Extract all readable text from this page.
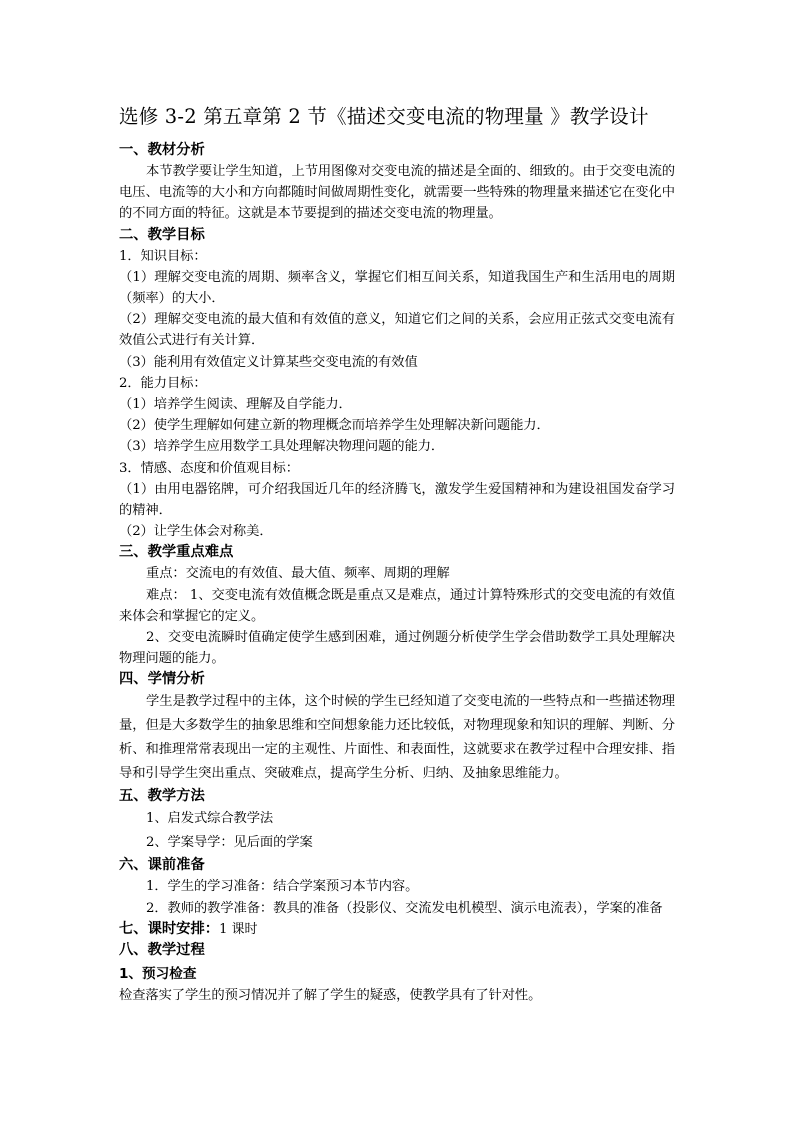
选修 3-2 第五章第 2 节《描述交变电流的物理量 》教学设计
一、教材分析

本节教学要让学生知道，上节用图像对交变电流的描述是全面的、细致的。由于交变电流的电压、电流等的大小和方向都随时间做周期性变化，就需要一些特殊的物理量来描述它在变化中的不同方面的特征。这就是本节要提到的描述交变电流的物理量。

二、教学目标

1．知识目标：

（1）理解交变电流的周期、频率含义，掌握它们相互间关系，知道我国生产和生活用电的周期（频率）的大小．

（2）理解交变电流的最大值和有效值的意义，知道它们之间的关系，会应用正弦式交变电流有效值公式进行有关计算．

（3）能利用有效值定义计算某些交变电流的有效值

2．能力目标：

（1）培养学生阅读、理解及自学能力．

（2）使学生理解如何建立新的物理概念而培养学生处理解决新问题能力．

（3）培养学生应用数学工具处理解决物理问题的能力．

3．情感、态度和价值观目标：

（1）由用电器铭牌，可介绍我国近几年的经济腾飞，激发学生爱国精神和为建设祖国发奋学习的精神．

（2）让学生体会对称美．

三、教学重点难点

重点：交流电的有效值、最大值、频率、周期的理解

难点： 1、交变电流有效值概念既是重点又是难点，通过计算特殊形式的交变电流的有效值来体会和掌握它的定义。

2、交变电流瞬时值确定使学生感到困难，通过例题分析使学生学会借助数学工具处理解决物理问题的能力。

四、学情分析

学生是教学过程中的主体，这个时候的学生已经知道了交变电流的一些特点和一些描述物理量，但是大多数学生的抽象思维和空间想象能力还比较低，对物理现象和知识的理解、判断、分析、和推理常常表现出一定的主观性、片面性、和表面性，这就要求在教学过程中合理安排、指导和引导学生突出重点、突破难点，提高学生分析、归纳、及抽象思维能力。

五、教学方法

1、启发式综合教学法

2、学案导学：见后面的学案

六、课前准备

1．学生的学习准备：结合学案预习本节内容。

2．教师的教学准备：教具的准备（投影仪、交流发电机模型、演示电流表），学案的准备

七、课时安排：1 课时
八、教学过程
1、预习检查

检查落实了学生的预习情况并了解了学生的疑惑，使教学具有了针对性。
